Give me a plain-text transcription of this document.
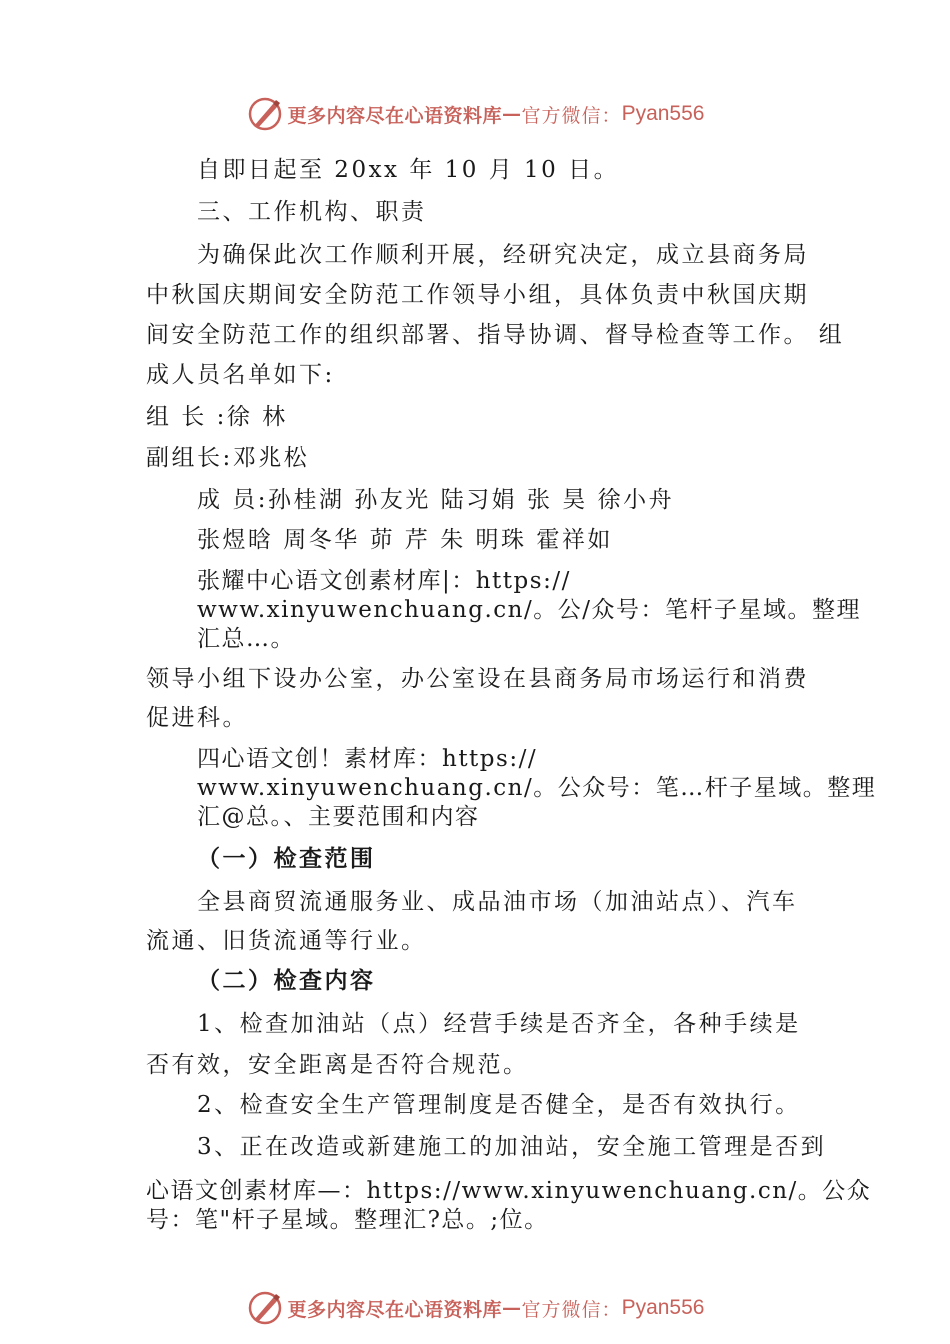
更多内容尽在心语资料库 — 官方微信： Pyan556
自即日起至 20xx 年 10 月 10 日。
三、工作机构、职责
为确保此次工作顺利开展，经研究决定，成立县商务局
中秋国庆期间安全防范工作领导小组，具体负责中秋国庆期
间安全防范工作的组织部署、指导协调、督导检查等工作。 组
成人员名单如下:
组 长 :徐 林
副组长:邓兆松
成 员:孙桂湖 孙友光 陆习娟 张 昊 徐小舟
张煜晗 周冬华 茆 芹 朱 明珠 霍祥如
张耀中心语文创素材库|：https://
www.xinyuwenchuang.cn/。公/众号：笔杆子星域。整理
汇总…。
领导小组下设办公室，办公室设在县商务局市场运行和消费
促进科。
四心语文创！素材库：https://
www.xinyuwenchuang.cn/。公众号：笔…杆子星域。整理
汇@总。、主要范围和内容
（一）检查范围
全县商贸流通服务业、成品油市场（加油站点）、汽车
流通、旧货流通等行业。
（二）检查内容
1、检查加油站（点）经营手续是否齐全，各种手续是
否有效，安全距离是否符合规范。
2、检查安全生产管理制度是否健全，是否有效执行。
3、正在改造或新建施工的加油站，安全施工管理是否到
心语文创素材库—：https://www.xinyuwenchuang.cn/。公众
号：笔"杆子星域。整理汇?总。;位。
更多内容尽在心语资料库 — 官方微信： Pyan556
